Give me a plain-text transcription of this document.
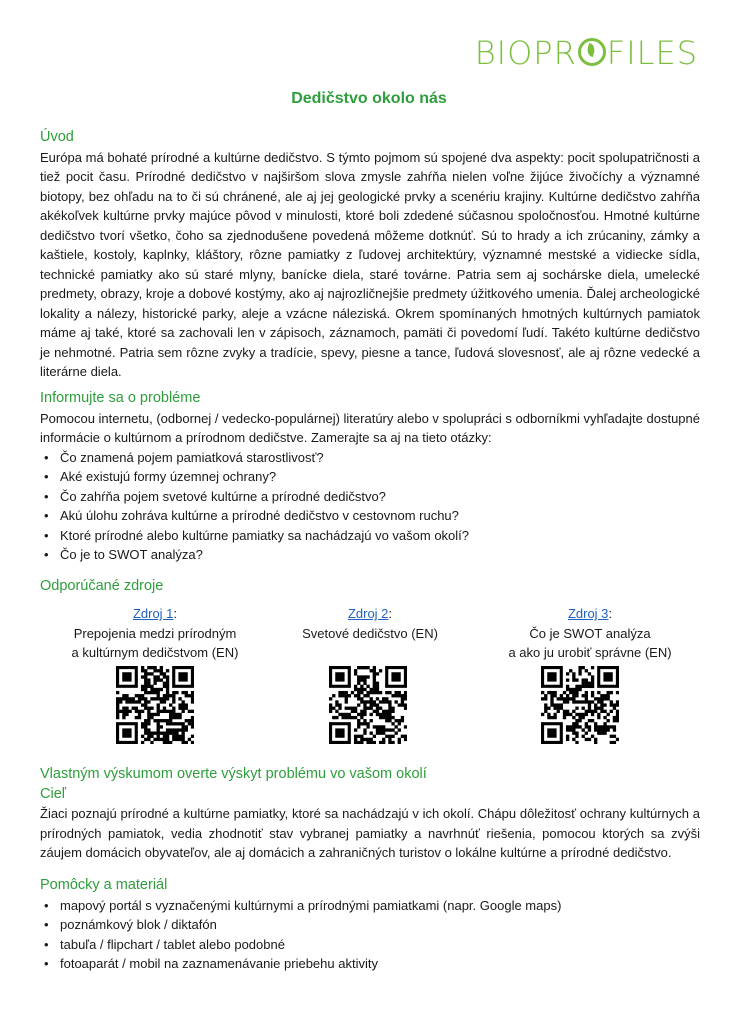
BIOPR FILES
Dedičstvo okolo nás
Úvod

Európa má bohaté prírodné a kultúrne dedičstvo. S týmto pojmom sú spojené dva aspekty: pocit spolupatričnosti a tiež pocit času. Prírodné dedičstvo v najširšom slova zmysle zahŕňa nielen voľne žijúce živočíchy a významné biotopy, bez ohľadu na to či sú chránené, ale aj jej geologické prvky a scenériu krajiny. Kultúrne dedičstvo zahŕňa akékoľvek kultúrne prvky majúce pôvod v minulosti, ktoré boli zdedené súčasnou spoločnosťou. Hmotné kultúrne dedičstvo tvorí všetko, čoho sa zjednodušene povedená môžeme dotknúť. Sú to hrady a ich zrúcaniny, zámky a kaštiele, kostoly, kaplnky, kláštory, rôzne pamiatky z ľudovej architektúry, významné mestské a vidiecke sídla, technické pamiatky ako sú staré mlyny, banícke diela, staré továrne. Patria sem aj sochárske diela, umelecké predmety, obrazy, kroje a dobové kostýmy, ako aj najrozličnejšie predmety úžitkového umenia. Ďalej archeologické lokality a nálezy, historické parky, aleje a vzácne náleziská. Okrem spomínaných hmotných kultúrnych pamiatok máme aj také, ktoré sa zachovali len v zápisoch, záznamoch, pamäti či povedomí ľudí. Takéto kultúrne dedičstvo je nehmotné. Patria sem rôzne zvyky a tradície, spevy, piesne a tance, ľudová slovesnosť, ale aj rôzne vedecké a literárne diela.

Informujte sa o probléme

Pomocou internetu, (odbornej / vedecko-populárnej) literatúry alebo v spolupráci s odborníkmi vyhľadajte dostupné informácie o kultúrnom a prírodnom dedičstve. Zamerajte sa aj na tieto otázky:

• Čo znamená pojem pamiatková starostlivosť?
• Aké existujú formy územnej ochrany?
• Čo zahŕňa pojem svetové kultúrne a prírodné dedičstvo?
• Akú úlohu zohráva kultúrne a prírodné dedičstvo v cestovnom ruchu?
• Ktoré prírodné alebo kultúrne pamiatky sa nachádzajú vo vašom okolí?
• Čo je to SWOT analýza?
Odporúčané zdroje
Zdroj 1:
Prepojenia medzi prírodným
a kultúrnym dedičstvom (EN)
Zdroj 2:
Svetové dedičstvo (EN)

Zdroj 3:
Čo je SWOT analýza
a ako ju urobiť správne (EN)
Vlastným výskumom overte výskyt problému vo vašom okolí
Cieľ

Žiaci poznajú prírodné a kultúrne pamiatky, ktoré sa nachádzajú v ich okolí. Chápu dôležitosť ochrany kultúrnych a prírodných pamiatok, vedia zhodnotiť stav vybranej pamiatky a navrhnúť riešenia, pomocou ktorých sa zvýši záujem domácich obyvateľov, ale aj domácich a zahraničných turistov o lokálne kultúrne a prírodné dedičstvo.

Pomôcky a materiál
• mapový portál s vyznačenými kultúrnymi a prírodnými pamiatkami (napr. Google maps)
• poznámkový blok / diktafón
• tabuľa / flipchart / tablet alebo podobné
• fotoaparát / mobil na zaznamenávanie priebehu aktivity
